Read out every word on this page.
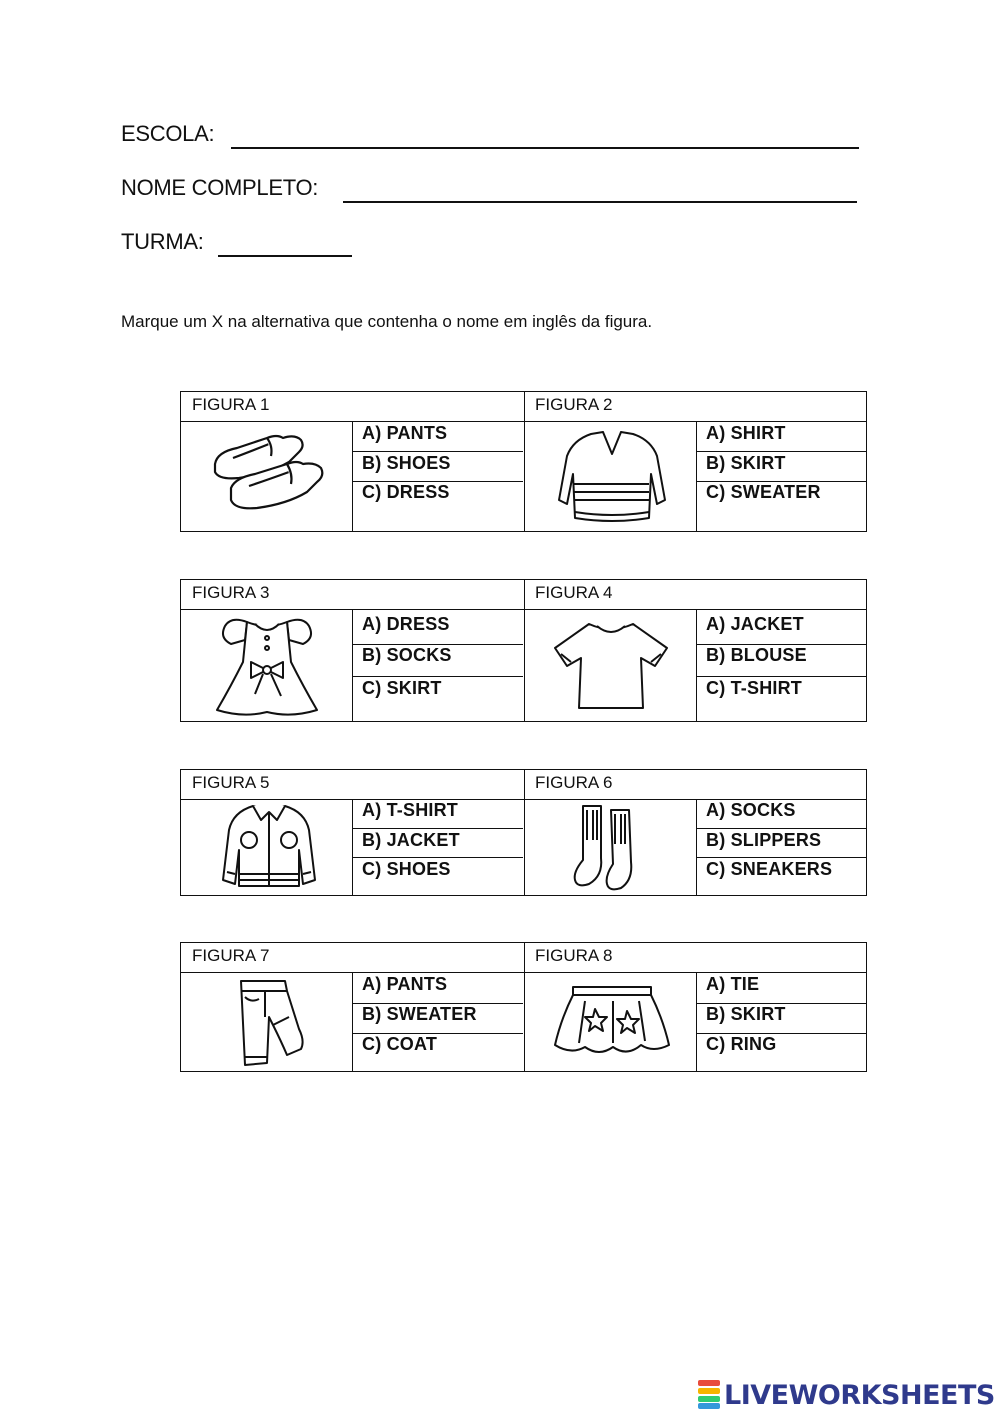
ESCOLA:
NOME COMPLETO:
TURMA:
Marque um X na alternativa que contenha o nome em inglês da figura.
FIGURA 1	FIGURA 2
A) PANTS
B) SHOES
C) DRESS
A) SHIRT
B) SKIRT
C) SWEATER
FIGURA 3	FIGURA 4
A) DRESS
B) SOCKS
C) SKIRT
A) JACKET
B) BLOUSE
C) T-SHIRT
FIGURA 5	FIGURA 6
A) T-SHIRT
B) JACKET
C) SHOES
A) SOCKS
B) SLIPPERS
C) SNEAKERS
FIGURA 7	FIGURA 8
A) PANTS
B) SWEATER
C) COAT
A) TIE
B) SKIRT
C) RING
LIVEWORKSHEETS
